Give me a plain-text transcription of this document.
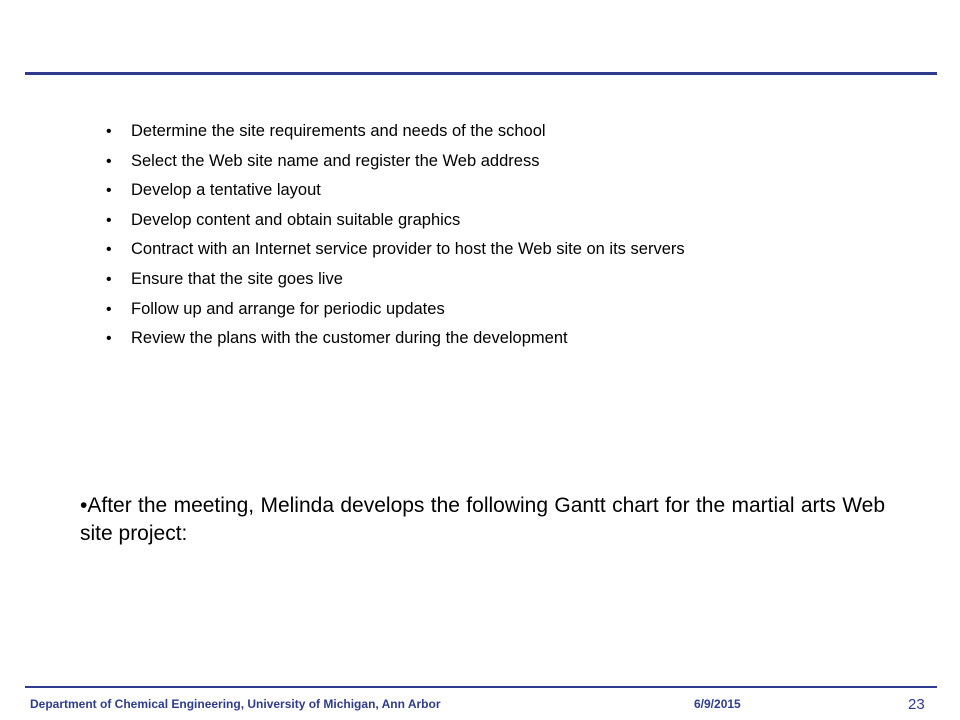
• Determine the site requirements and needs of the school
• Select the Web site name and register the Web address
• Develop a tentative layout
• Develop content and obtain suitable graphics
• Contract with an Internet service provider to host the Web site on its servers
• Ensure that the site goes live
• Follow up and arrange for periodic updates
• Review the plans with the customer during the development

•After the meeting, Melinda develops the following Gantt chart for the martial arts Web site project:

Department of Chemical Engineering, University of Michigan, Ann Arbor	6/9/2015	23
